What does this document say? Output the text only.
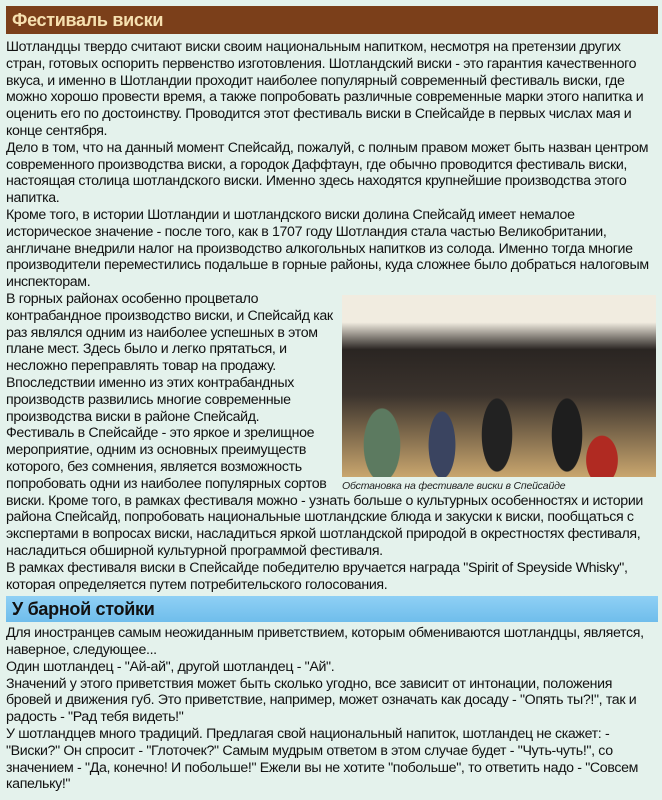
Фестиваль виски

Шотландцы твердо считают виски своим национальным напитком, несмотря на претензии других стран, готовых оспорить первенство изготовления. Шотландский виски - это гарантия качественного вкуса, и именно в Шотландии проходит наиболее популярный современный фестиваль виски, где можно хорошо провести время, а также попробовать различные современные марки этого напитка и оценить его по достоинству. Проводится этот фестиваль виски в Спейсайде в первых числах мая и конце сентября.

Дело в том, что на данный момент Спейсайд, пожалуй, с полным правом может быть назван центром современного производства виски, а городок Даффтаун, где обычно проводится фестиваль виски, настоящая столица шотландского виски. Именно здесь находятся крупнейшие производства этого напитка.

Кроме того, в истории Шотландии и шотландского виски долина Спейсайд имеет немалое историческое значение - после того, как в 1707 году Шотландия стала частью Великобритании, англичане внедрили налог на производство алкогольных напитков из солода. Именно тогда многие производители переместились подальше в горные районы, куда сложнее было добраться налоговым инспекторам.

Обстановка на фестивале виски в Спейсайде

В горных районах особенно процветало контрабандное производство виски, и Спейсайд как раз являлся одним из наиболее успешных в этом плане мест. Здесь было и легко прятаться, и несложно переправлять товар на продажу.

Впоследствии именно из этих контрабандных производств развились многие современные производства виски в районе Спейсайд.

Фестиваль в Спейсайде - это яркое и зрелищное мероприятие, одним из основных преимуществ которого, без сомнения, является возможность попробовать одни из наиболее популярных сортов виски. Кроме того, в рамках фестиваля можно - узнать больше о культурных особенностях и истории района Спейсайд, попробовать национальные шотландские блюда и закуски к виски, пообщаться с экспертами в вопросах виски, насладиться яркой шотландской природой в окрестностях фестиваля, насладиться обширной культурной программой фестиваля.

В рамках фестиваля виски в Спейсайде победителю вручается награда "Spirit of Speyside Whisky", которая определяется путем потребительского голосования.

У барной стойки

Для иностранцев самым неожиданным приветствием, которым обмениваются шотландцы, является, наверное, следующее...

Один шотландец - "Ай-ай", другой шотландец - "Ай".

Значений у этого приветствия может быть сколько угодно, все зависит от интонации, положения бровей и движения губ. Это приветствие, например, может означать как досаду - "Опять ты?!", так и радость - "Рад тебя видеть!"

У шотландцев много традиций. Предлагая свой национальный напиток, шотландец не скажет: - "Виски?" Он спросит - "Глоточек?" Самым мудрым ответом в этом случае будет - "Чуть-чуть!", со значением - "Да, конечно! И побольше!" Ежели вы не хотите "побольше", то ответить надо - "Совсем капельку!"
